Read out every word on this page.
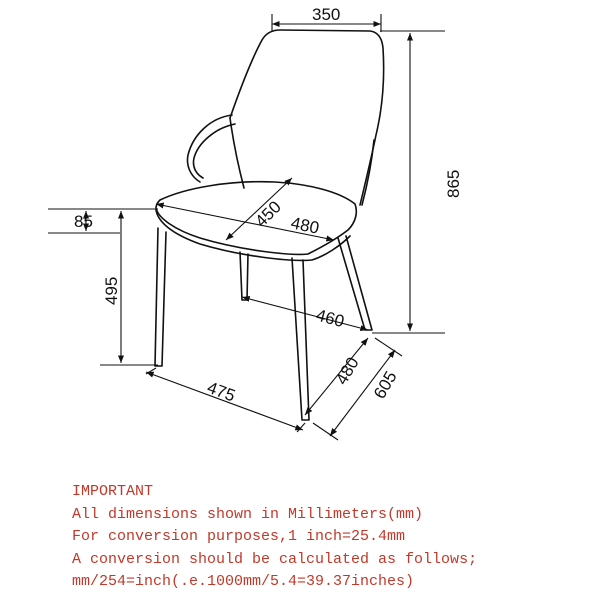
350
865
85
495
450 480
460
480 605
475
IMPORTANT
All dimensions shown in Millimeters(mm)
For conversion purposes,1 inch=25.4mm
A conversion should be calculated as follows;
mm/254=inch(.e.1000mm/5.4=39.37inches)
